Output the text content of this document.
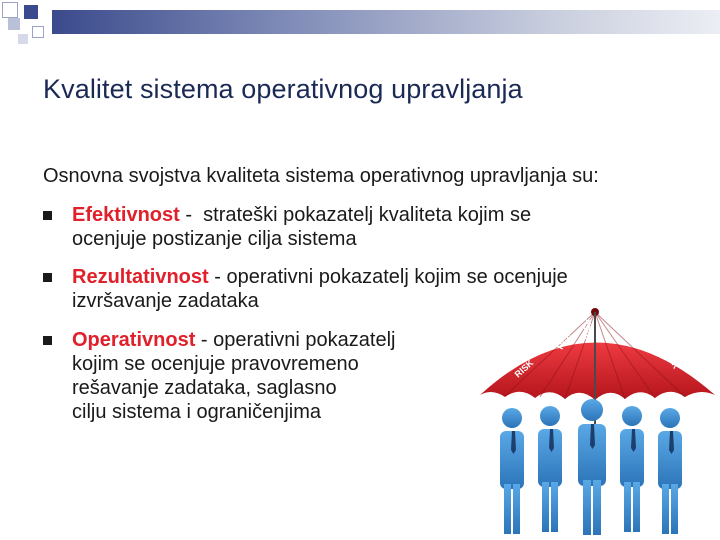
Kvalitet sistema operativnog upravljanja

Osnovna svojstva kvaliteta sistema operativnog upravljanja su:

Efektivnost -  strateški pokazatelj kvaliteta kojim se
ocenjuje postizanje cilja sistema
Rezultativnost - operativni pokazatelj kojim se ocenjuje
izvršavanje zadataka
Operativnost - operativni pokazatelj
kojim se ocenjuje pravovremeno
rešavanje zadataka, saglasno
cilju sistema i ograničenjima
RISK
RISK RISK RISK
RISK
